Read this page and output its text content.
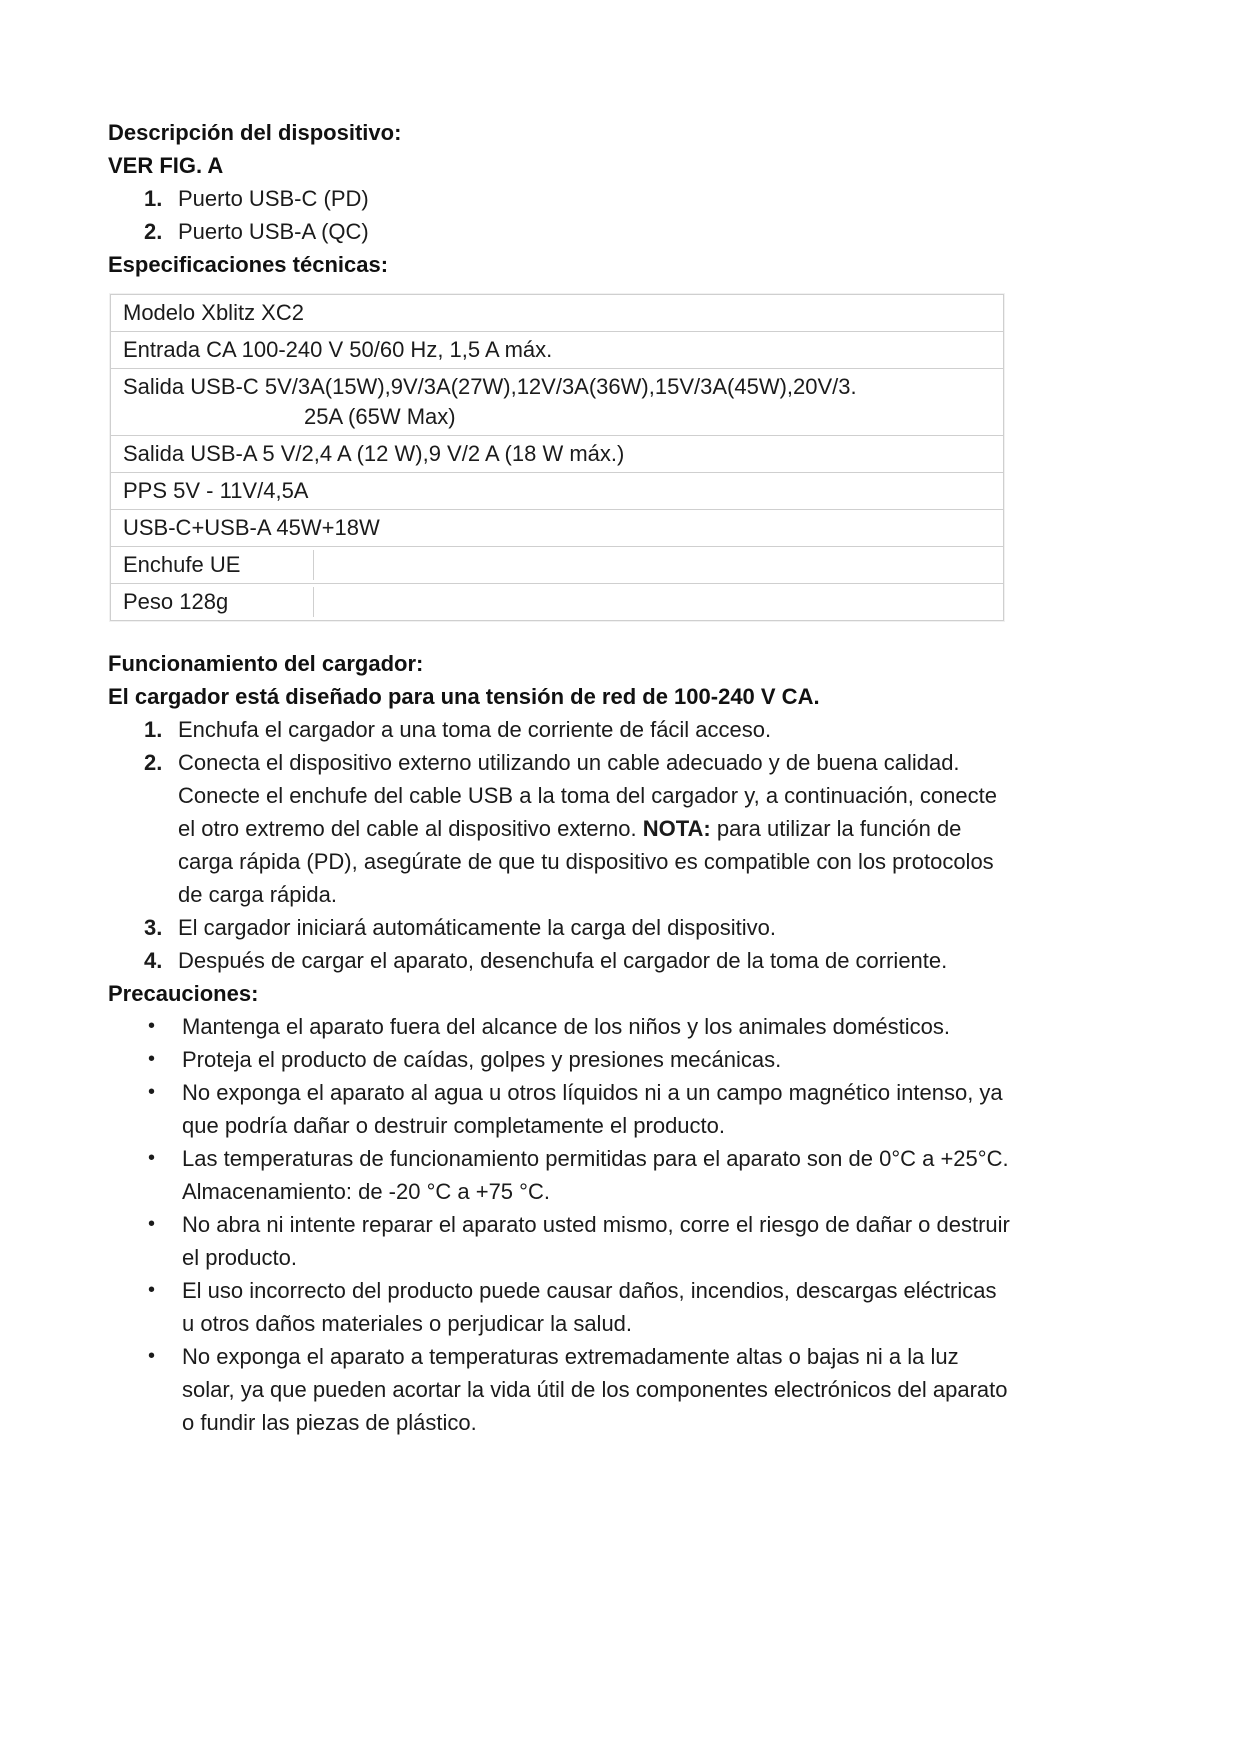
Descripción del dispositivo:
VER FIG. A
1. Puerto USB-C (PD)
2. Puerto USB-A (QC)
Especificaciones técnicas:
Modelo Xblitz XC2
Entrada CA 100-240 V 50/60 Hz, 1,5 A máx.
Salida USB-C 5V/3A(15W),9V/3A(27W),12V/3A(36W),15V/3A(45W),20V/3.
25A (65W Max)
Salida USB-A 5 V/2,4 A (12 W),9 V/2 A (18 W máx.)
PPS 5V - 11V/4,5A
USB-C+USB-A 45W+18W
Enchufe UE
Peso 128g
Funcionamiento del cargador:
El cargador está diseñado para una tensión de red de 100-240 V CA.
1. Enchufa el cargador a una toma de corriente de fácil acceso.
2. Conecta el dispositivo externo utilizando un cable adecuado y de buena calidad. Conecte el enchufe del cable USB a la toma del cargador y, a continuación, conecte el otro extremo del cable al dispositivo externo. NOTA: para utilizar la función de carga rápida (PD), asegúrate de que tu dispositivo es compatible con los protocolos de carga rápida.
3. El cargador iniciará automáticamente la carga del dispositivo.
4. Después de cargar el aparato, desenchufa el cargador de la toma de corriente.
Precauciones:
•	Mantenga el aparato fuera del alcance de los niños y los animales domésticos.
•	Proteja el producto de caídas, golpes y presiones mecánicas.
•	No exponga el aparato al agua u otros líquidos ni a un campo magnético intenso, ya que podría dañar o destruir completamente el producto.
•	Las temperaturas de funcionamiento permitidas para el aparato son de 0°C a +25°C. Almacenamiento: de -20 °C a +75 °C.
•	No abra ni intente reparar el aparato usted mismo, corre el riesgo de dañar o destruir el producto.
•	El uso incorrecto del producto puede causar daños, incendios, descargas eléctricas u otros daños materiales o perjudicar la salud.
•	No exponga el aparato a temperaturas extremadamente altas o bajas ni a la luz solar, ya que pueden acortar la vida útil de los componentes electrónicos del aparato o fundir las piezas de plástico.
